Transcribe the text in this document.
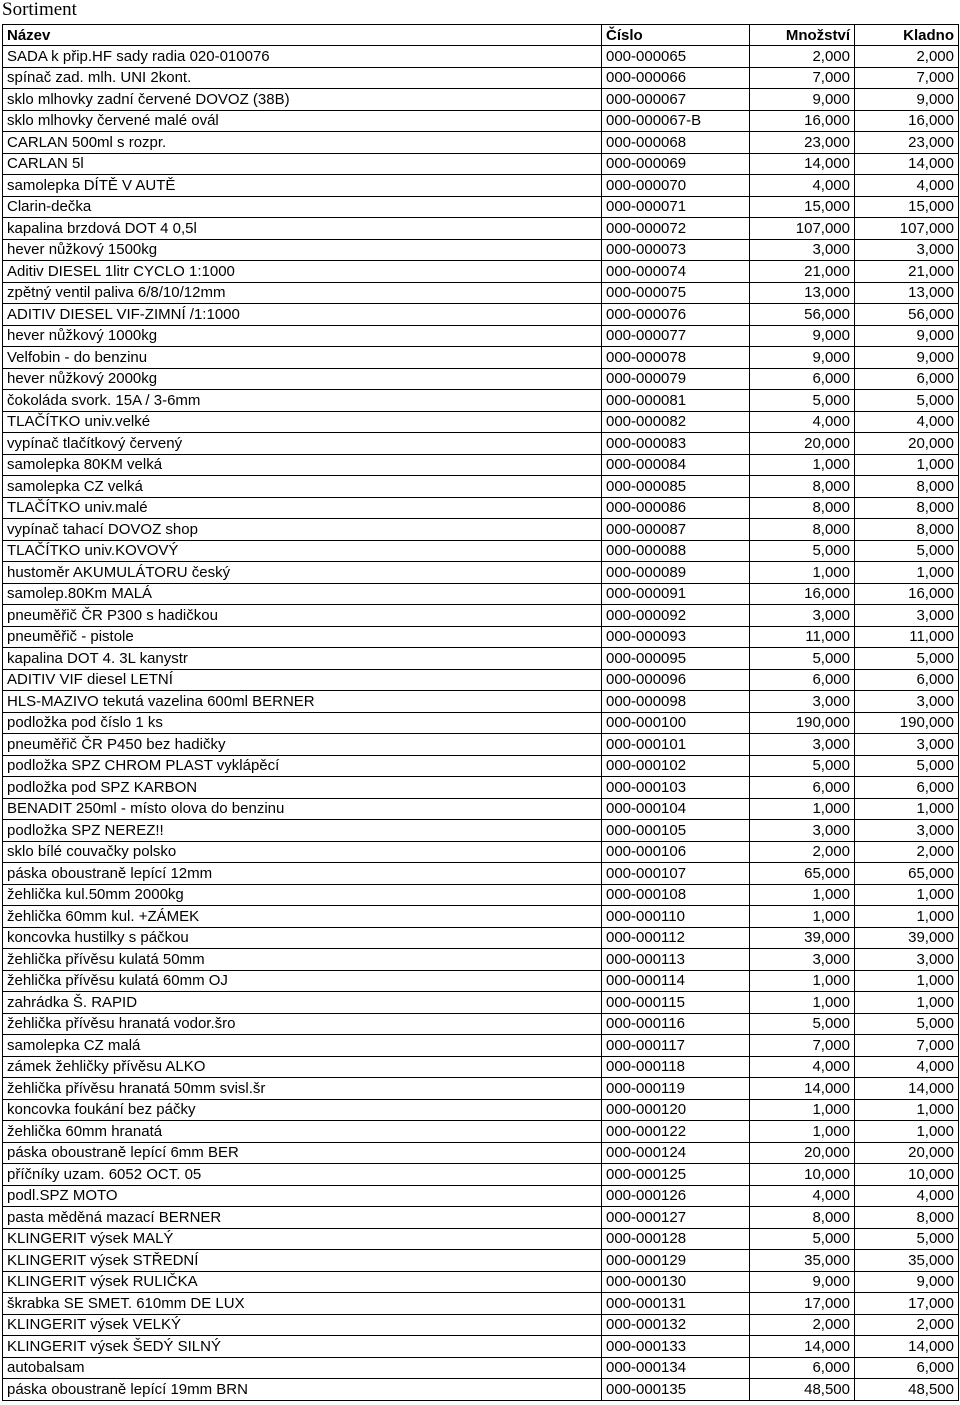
Sortiment
Název	Číslo	Množství	Kladno
SADA k přip.HF sady radia 020-010076	000-000065	2,000	2,000
spínač zad. mlh. UNI 2kont.	000-000066	7,000	7,000
sklo mlhovky zadní červené DOVOZ (38B)	000-000067	9,000	9,000
sklo mlhovky červené malé ovál	000-000067-B	16,000	16,000
CARLAN 500ml s rozpr.	000-000068	23,000	23,000
CARLAN 5l	000-000069	14,000	14,000
samolepka DÍTĚ V AUTĚ	000-000070	4,000	4,000
Clarin-dečka	000-000071	15,000	15,000
kapalina brzdová DOT 4 0,5l	000-000072	107,000	107,000
hever nůžkový 1500kg	000-000073	3,000	3,000
Aditiv DIESEL 1litr CYCLO 1:1000	000-000074	21,000	21,000
zpětný ventil paliva 6/8/10/12mm	000-000075	13,000	13,000
ADITIV DIESEL VIF-ZIMNÍ /1:1000	000-000076	56,000	56,000
hever nůžkový 1000kg	000-000077	9,000	9,000
Velfobin - do benzinu	000-000078	9,000	9,000
hever nůžkový 2000kg	000-000079	6,000	6,000
čokoláda svork. 15A / 3-6mm	000-000081	5,000	5,000
TLAČÍTKO univ.velké	000-000082	4,000	4,000
vypínač tlačítkový červený	000-000083	20,000	20,000
samolepka 80KM velká	000-000084	1,000	1,000
samolepka CZ velká	000-000085	8,000	8,000
TLAČÍTKO univ.malé	000-000086	8,000	8,000
vypínač tahací DOVOZ shop	000-000087	8,000	8,000
TLAČÍTKO univ.KOVOVÝ	000-000088	5,000	5,000
hustoměr AKUMULÁTORU český	000-000089	1,000	1,000
samolep.80Km MALÁ	000-000091	16,000	16,000
pneuměřič ČR P300 s hadičkou	000-000092	3,000	3,000
pneuměřič - pistole	000-000093	11,000	11,000
kapalina DOT 4. 3L kanystr	000-000095	5,000	5,000
ADITIV VIF diesel LETNÍ	000-000096	6,000	6,000
HLS-MAZIVO tekutá vazelina 600ml BERNER	000-000098	3,000	3,000
podložka pod číslo 1 ks	000-000100	190,000	190,000
pneuměřič ČR P450 bez hadičky	000-000101	3,000	3,000
podložka SPZ CHROM PLAST vyklápěcí	000-000102	5,000	5,000
podložka pod SPZ KARBON	000-000103	6,000	6,000
BENADIT 250ml - místo olova do benzinu	000-000104	1,000	1,000
podložka SPZ NEREZ!!	000-000105	3,000	3,000
sklo bílé couvačky polsko	000-000106	2,000	2,000
páska oboustraně lepící 12mm	000-000107	65,000	65,000
žehlička kul.50mm 2000kg	000-000108	1,000	1,000
žehlička 60mm kul. +ZÁMEK	000-000110	1,000	1,000
koncovka hustilky s páčkou	000-000112	39,000	39,000
žehlička přívěsu kulatá 50mm	000-000113	3,000	3,000
žehlička přívěsu kulatá 60mm OJ	000-000114	1,000	1,000
zahrádka Š. RAPID	000-000115	1,000	1,000
žehlička přívěsu hranatá vodor.šro	000-000116	5,000	5,000
samolepka CZ malá	000-000117	7,000	7,000
zámek žehličky přívěsu ALKO	000-000118	4,000	4,000
žehlička přívěsu hranatá 50mm svisl.šr	000-000119	14,000	14,000
koncovka foukání bez páčky	000-000120	1,000	1,000
žehlička 60mm hranatá	000-000122	1,000	1,000
páska oboustraně lepící 6mm BER	000-000124	20,000	20,000
příčníky uzam. 6052 OCT. 05	000-000125	10,000	10,000
podl.SPZ MOTO	000-000126	4,000	4,000
pasta měděná mazací BERNER	000-000127	8,000	8,000
KLINGERIT výsek MALÝ	000-000128	5,000	5,000
KLINGERIT výsek STŘEDNÍ	000-000129	35,000	35,000
KLINGERIT výsek RULIČKA	000-000130	9,000	9,000
škrabka SE SMET. 610mm DE LUX	000-000131	17,000	17,000
KLINGERIT výsek VELKÝ	000-000132	2,000	2,000
KLINGERIT výsek ŠEDÝ SILNÝ	000-000133	14,000	14,000
autobalsam	000-000134	6,000	6,000
páska oboustraně lepící 19mm BRN	000-000135	48,500	48,500
